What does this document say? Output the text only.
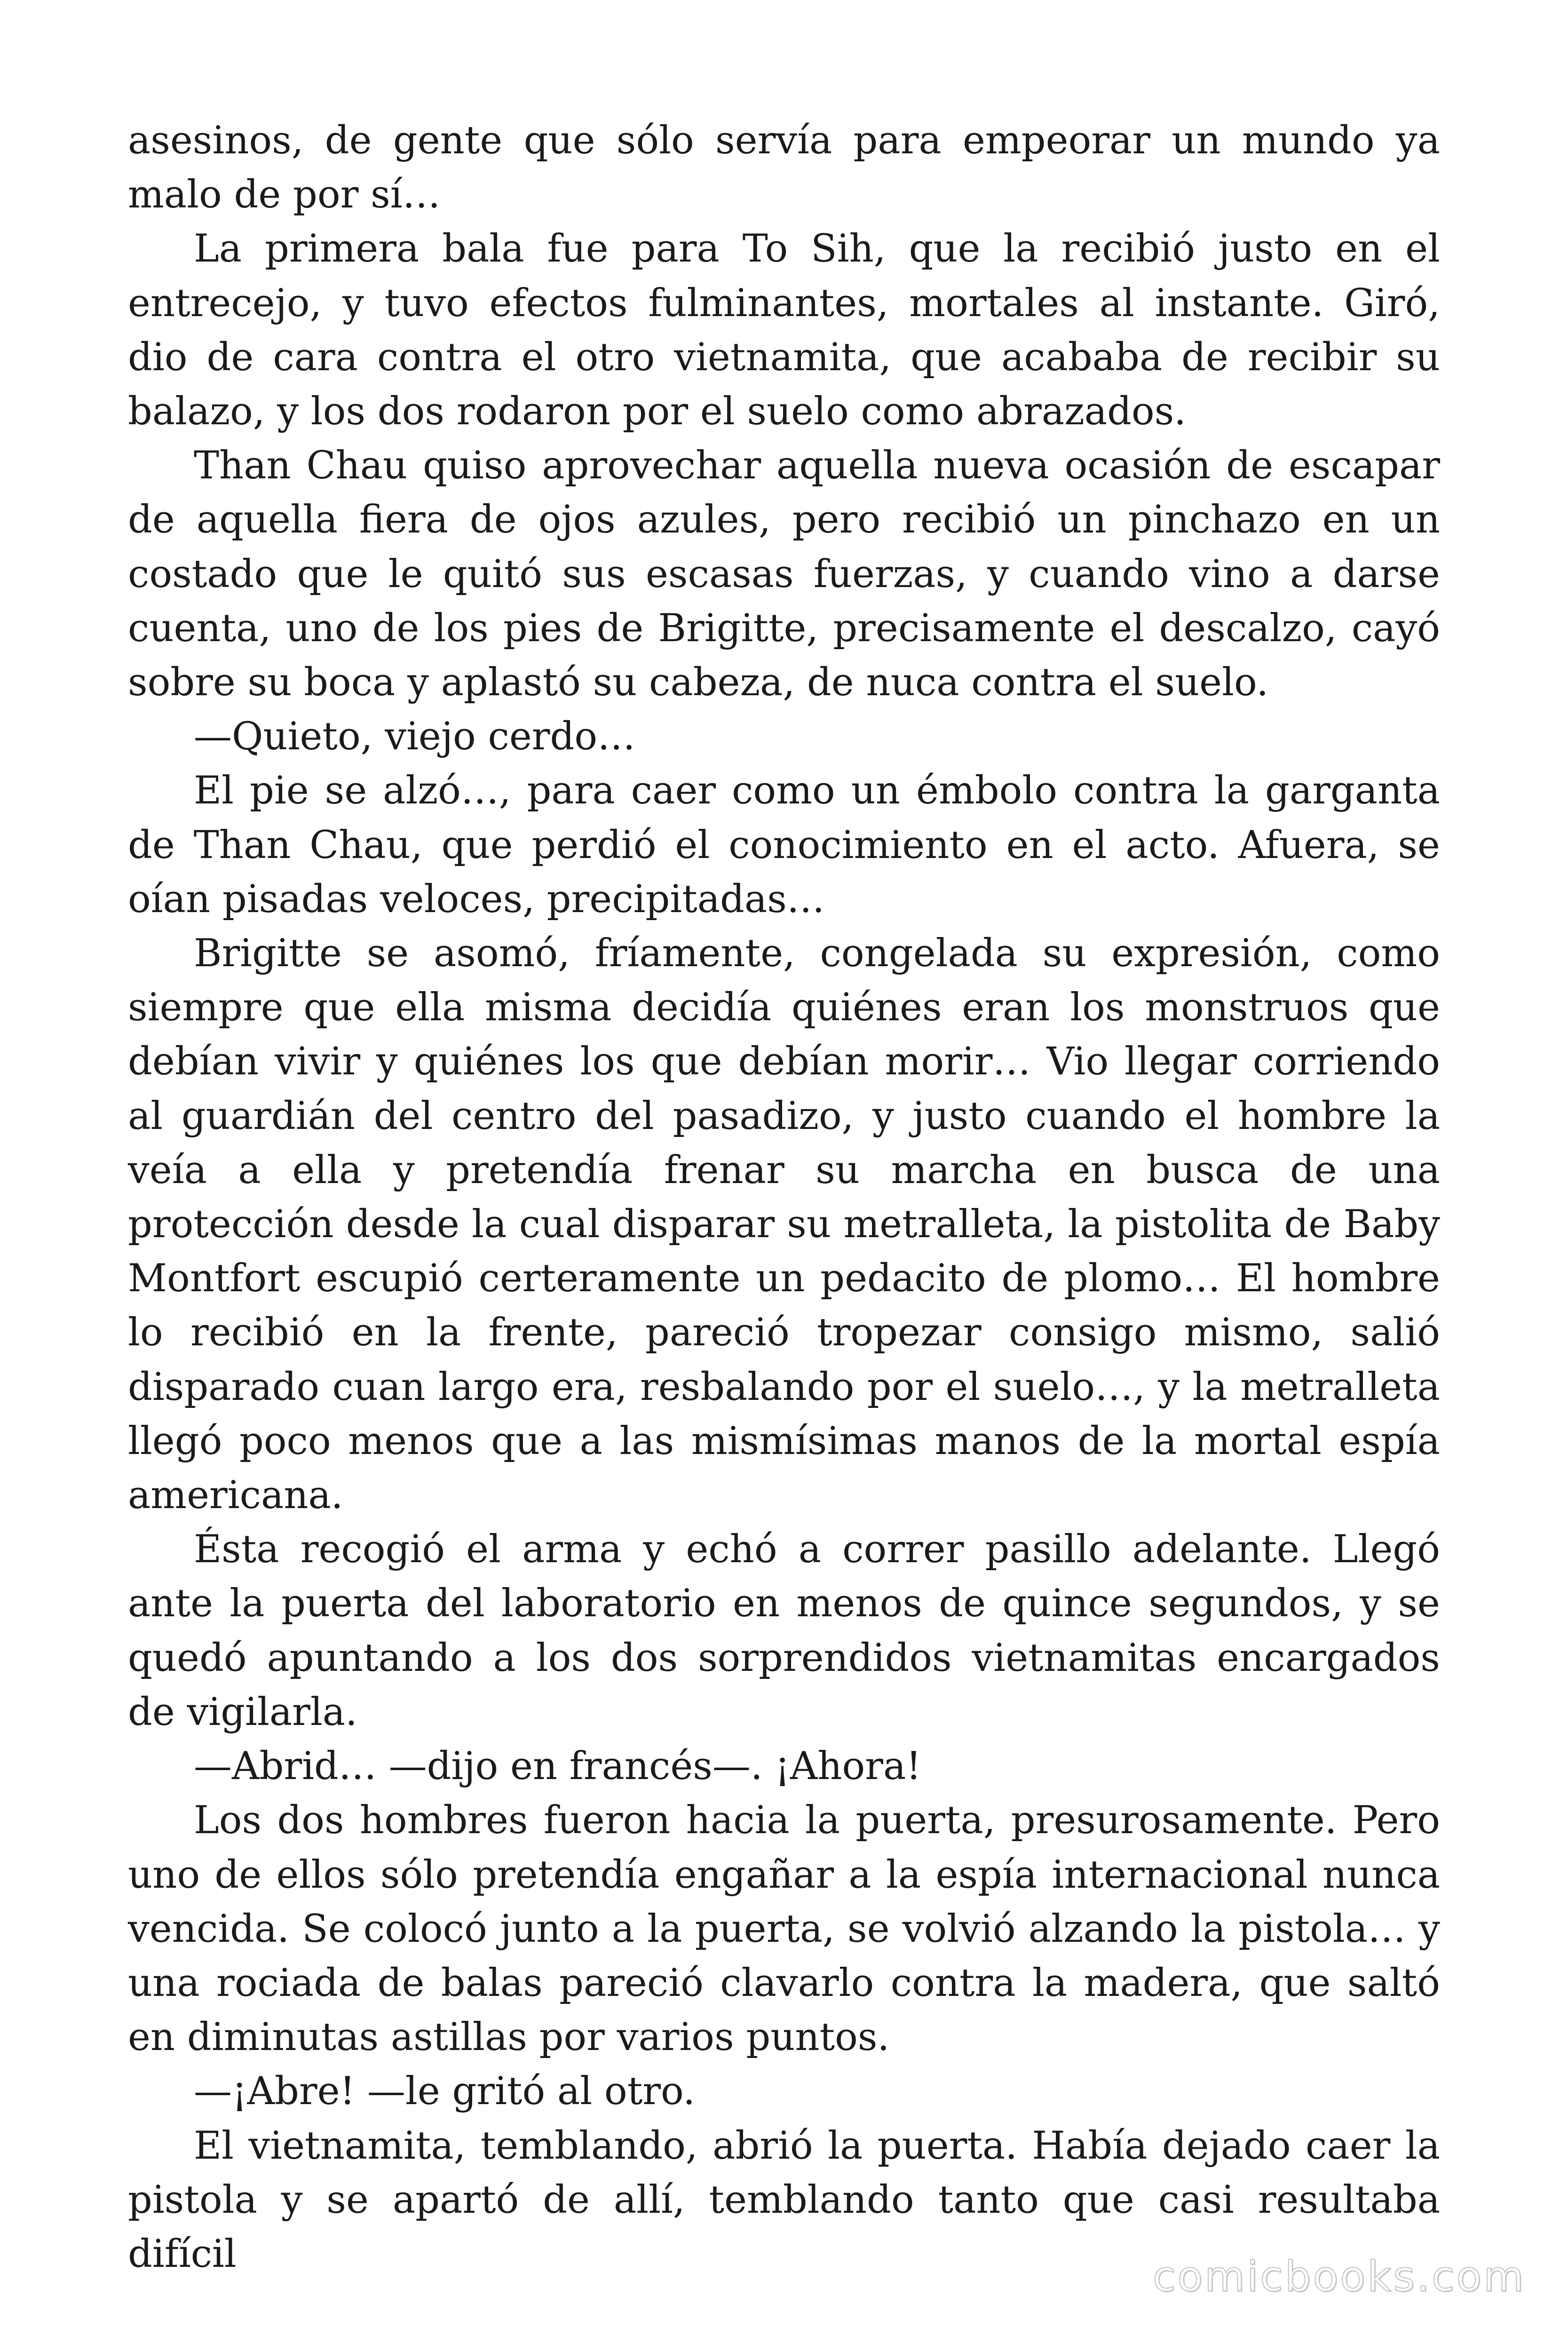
asesinos, de gente que sólo servía para empeorar un mundo ya malo de por sí…

La primera bala fue para To Sih, que la recibió justo en el entrecejo, y tuvo efectos fulminantes, mortales al instante. Giró, dio de cara contra el otro vietnamita, que acababa de recibir su balazo, y los dos rodaron por el suelo como abrazados.

Than Chau quiso aprovechar aquella nueva ocasión de escapar de aquella fiera de ojos azules, pero recibió un pinchazo en un costado que le quitó sus escasas fuerzas, y cuando vino a darse cuenta, uno de los pies de Brigitte, precisamente el descalzo, cayó sobre su boca y aplastó su cabeza, de nuca contra el suelo.

—Quieto, viejo cerdo…

El pie se alzó…, para caer como un émbolo contra la garganta de Than Chau, que perdió el conocimiento en el acto. Afuera, se oían pisadas veloces, precipitadas…

Brigitte se asomó, fríamente, congelada su expresión, como siempre que ella misma decidía quiénes eran los monstruos que debían vivir y quiénes los que debían morir… Vio llegar corriendo al guardián del centro del pasadizo, y justo cuando el hombre la veía a ella y pretendía frenar su marcha en busca de una protección desde la cual disparar su metralleta, la pistolita de Baby Montfort escupió certeramente un pedacito de plomo… El hombre lo recibió en la frente, pareció tropezar consigo mismo, salió disparado cuan largo era, resbalando por el suelo…, y la metralleta llegó poco menos que a las mismísimas manos de la mortal espía americana.

Ésta recogió el arma y echó a correr pasillo adelante. Llegó ante la puerta del laboratorio en menos de quince segundos, y se quedó apuntando a los dos sorprendidos vietnamitas encargados de vigilarla.

—Abrid… —dijo en francés—. ¡Ahora!

Los dos hombres fueron hacia la puerta, presurosamente. Pero uno de ellos sólo pretendía engañar a la espía internacional nunca vencida. Se colocó junto a la puerta, se volvió alzando la pistola… y una rociada de balas pareció clavarlo contra la madera, que saltó en diminutas astillas por varios puntos.

—¡Abre! —le gritó al otro.

El vietnamita, temblando, abrió la puerta. Había dejado caer la pistola y se apartó de allí, temblando tanto que casi resultaba difícil	comicbooks.com
